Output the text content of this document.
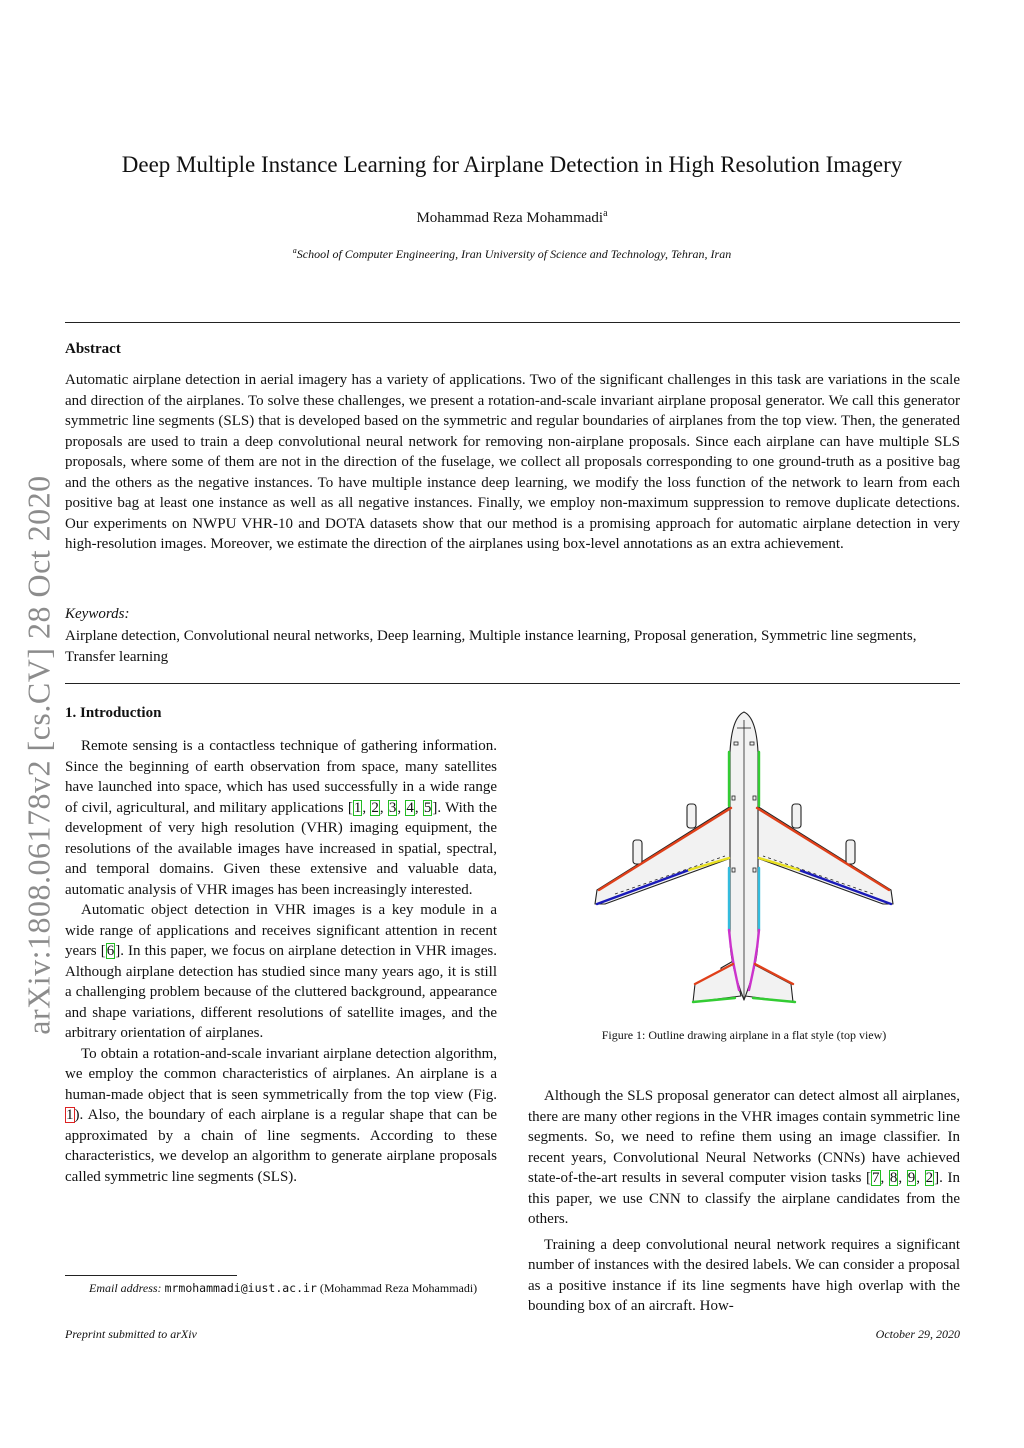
arXiv:1808.06178v2 [cs.CV] 28 Oct 2020
Deep Multiple Instance Learning for Airplane Detection in High Resolution Imagery
Mohammad Reza Mohammadi$^a$
$^a$School of Computer Engineering, Iran University of Science and Technology, Tehran, Iran
Abstract

Automatic airplane detection in aerial imagery has a variety of applications. Two of the significant challenges in this task are variations in the scale and direction of the airplanes. To solve these challenges, we present a rotation-and-scale invariant airplane proposal generator. We call this generator symmetric line segments (SLS) that is developed based on the symmetric and regular boundaries of airplanes from the top view. Then, the generated proposals are used to train a deep convolutional neural network for removing non-airplane proposals. Since each airplane can have multiple SLS proposals, where some of them are not in the direction of the fuselage, we collect all proposals corresponding to one ground-truth as a positive bag and the others as the negative instances. To have multiple instance deep learning, we modify the loss function of the network to learn from each positive bag at least one instance as well as all negative instances. Finally, we employ non-maximum suppression to remove duplicate detections. Our experiments on NWPU VHR-10 and DOTA datasets show that our method is a promising approach for automatic airplane detection in very high-resolution images. Moreover, we estimate the direction of the airplanes using box-level annotations as an extra achievement.

Keywords:
Airplane detection, Convolutional neural networks, Deep learning, Multiple instance learning, Proposal generation, Symmetric line segments, Transfer learning
1. Introduction

Remote sensing is a contactless technique of gathering information. Since the beginning of earth observation from space, many satellites have launched into space, which has used successfully in a wide range of civil, agricultural, and military applications [1, 2, 3, 4, 5]. With the development of very high resolution (VHR) imaging equipment, the resolutions of the available images have increased in spatial, spectral, and temporal domains. Given these extensive and valuable data, automatic analysis of VHR images has been increasingly interested.

Automatic object detection in VHR images is a key module in a wide range of applications and receives significant attention in recent years [6]. In this paper, we focus on airplane detection in VHR images. Although airplane detection has studied since many years ago, it is still a challenging problem because of the cluttered background, appearance and shape variations, different resolutions of satellite images, and the arbitrary orientation of airplanes.

To obtain a rotation-and-scale invariant airplane detection algorithm, we employ the common characteristics of airplanes. An airplane is a human-made object that is seen symmetrically from the top view (Fig. 1). Also, the boundary of each airplane is a regular shape that can be approximated by a chain of line segments. According to these characteristics, we develop an algorithm to generate airplane proposals called symmetric line segments (SLS).

Figure 1: Outline drawing airplane in a flat style (top view)

Although the SLS proposal generator can detect almost all airplanes, there are many other regions in the VHR images contain symmetric line segments. So, we need to refine them using an image classifier. In recent years, Convolutional Neural Networks (CNNs) have achieved state-of-the-art results in several computer vision tasks [7, 8, 9, 2]. In this paper, we use CNN to classify the airplane candidates from the others.

Training a deep convolutional neural network requires a significant number of instances with the desired labels. We can consider a proposal as a positive instance if its line segments have high overlap with the bounding box of an aircraft. How-

Email address: mrmohammadi@iust.ac.ir (Mohammad Reza Mohammadi)
Preprint submitted to arXiv	October 29, 2020
